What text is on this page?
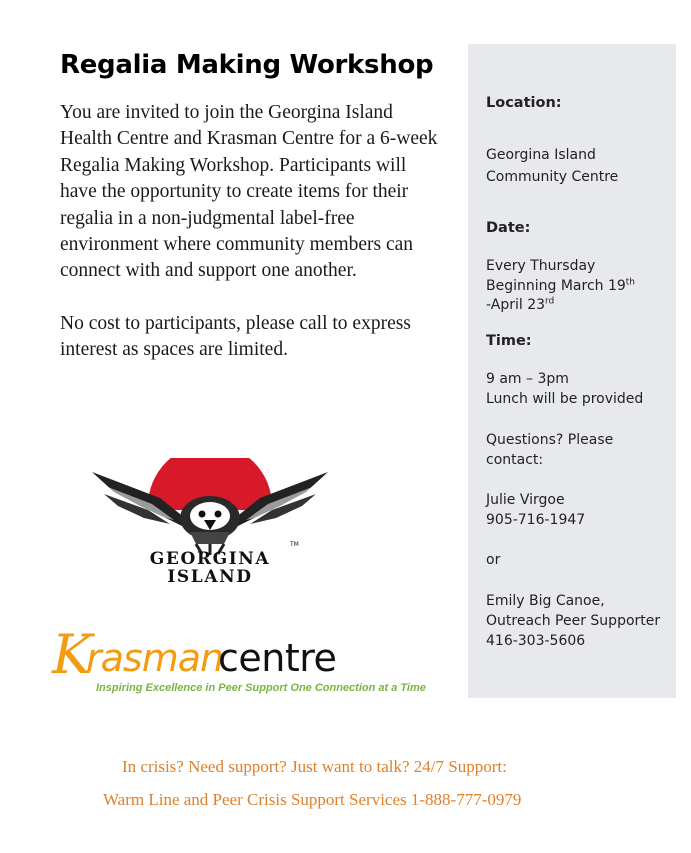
Regalia Making Workshop

You are invited to join the Georgina Island Health Centre and Krasman Centre for a 6-week Regalia Making Workshop. Participants will have the opportunity to create items for their regalia in a non-judgmental label-free environment where community members can connect with and support one another.

No cost to participants, please call to express interest as spaces are limited.

Location:
Georgina Island
Community Centre
Date:
Every Thursday
Beginning March 19th
-April 23rd
Time:
9 am – 3pm
Lunch will be provided
Questions? Please
contact:
Julie Virgoe
905-716-1947
or
Emily Big Canoe,
Outreach Peer Supporter
416-303-5606
TM
GEORGINA
ISLAND
K
rasman
centre
Inspiring Excellence in Peer Support One Connection at a Time
In crisis? Need support? Just want to talk? 24/7 Support:
Warm Line and Peer Crisis Support Services 1-888-777-0979
